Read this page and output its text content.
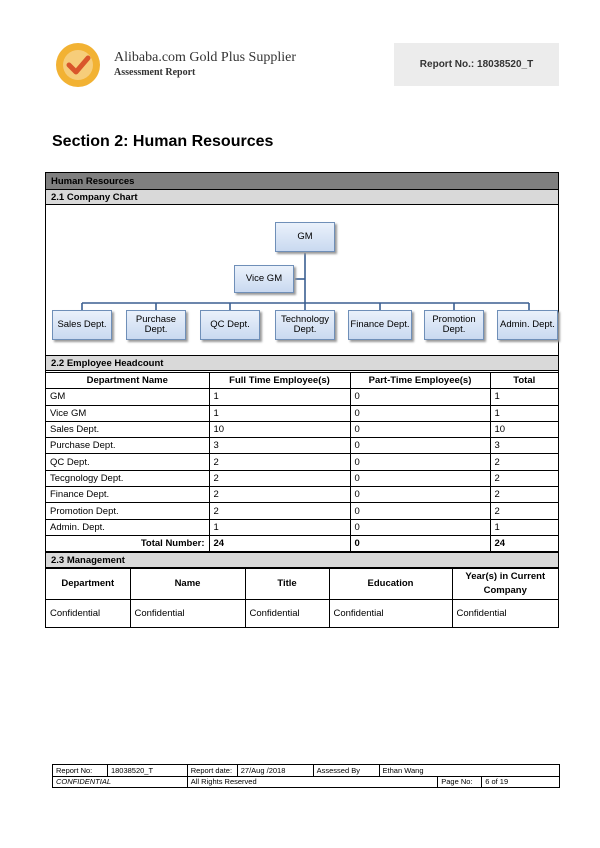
Alibaba.com Gold Plus Supplier
Assessment Report
Report No.: 18038520_T
Section 2: Human Resources
Human Resources
2.1 Company Chart
GM
Vice GM
Sales Dept.	Purchase Dept.	QC Dept.	Technology Dept.	Finance Dept.	Promotion Dept.	Admin. Dept.
2.2 Employee Headcount
Department Name	Full Time Employee(s)	Part-Time Employee(s)	Total
GM	1	0	1
Vice GM	1	0	1
Sales Dept.	10	0	10
Purchase Dept.	3	0	3
QC Dept.	2	0	2
Tecgnology Dept.	2	0	2
Finance Dept.	2	0	2
Promotion Dept.	2	0	2
Admin. Dept.	1	0	1
Total Number:	24	0	24
2.3 Management
Department	Name	Title	Education	Year(s) in Current Company
Confidential	Confidential	Confidential	Confidential	Confidential
Report No:	18038520_T	Report date:	27/Aug /2018	Assessed By	Ethan Wang		
CONFIDENTIAL		All Rights Reserved				Page No:	6 of 19
